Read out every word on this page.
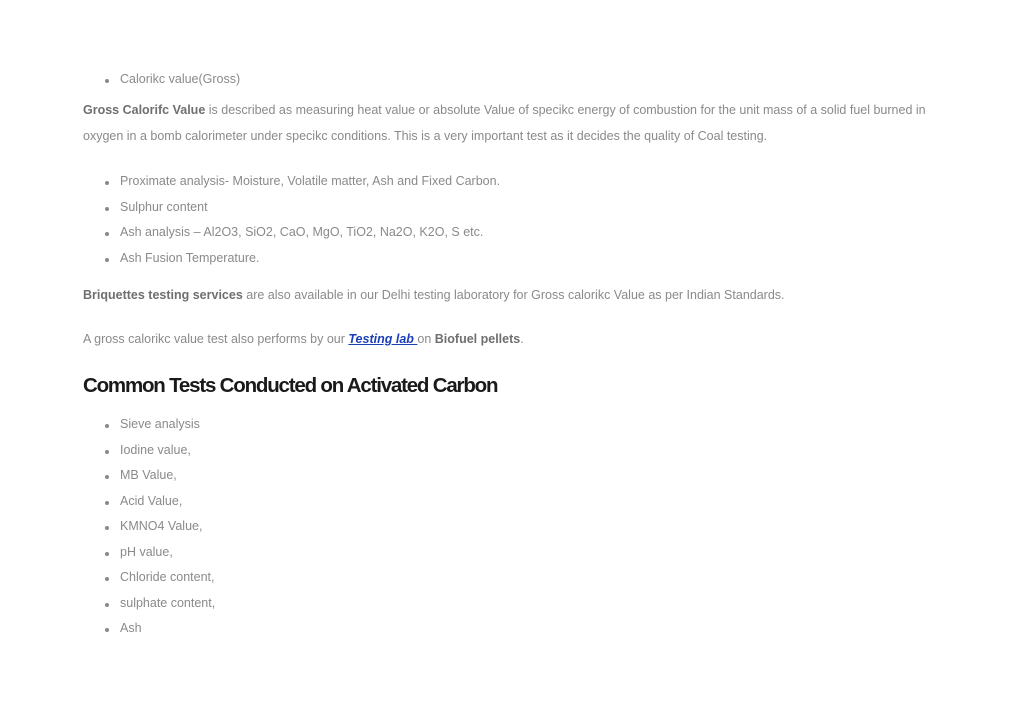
Calorikc value(Gross)

Gross Calorifc Value is described as measuring heat value or absolute Value of specikc energy of combustion for the unit mass of a solid fuel burned in oxygen in a bomb calorimeter under specikc conditions. This is a very important test as it decides the quality of Coal testing.

Proximate analysis- Moisture, Volatile matter, Ash and Fixed Carbon.
Sulphur content
Ash analysis – Al2O3, SiO2, CaO, MgO, TiO2, Na2O, K2O, S etc.
Ash Fusion Temperature.

Briquettes testing services are also available in our Delhi testing laboratory for Gross calorikc Value as per Indian Standards.

A gross calorikc value test also performs by our Testing lab on Biofuel pellets.

Common Tests Conducted on Activated Carbon
Sieve analysis
Iodine value,
MB Value,
Acid Value,
KMNO4 Value,
pH value,
Chloride content,
sulphate content,
Ash
